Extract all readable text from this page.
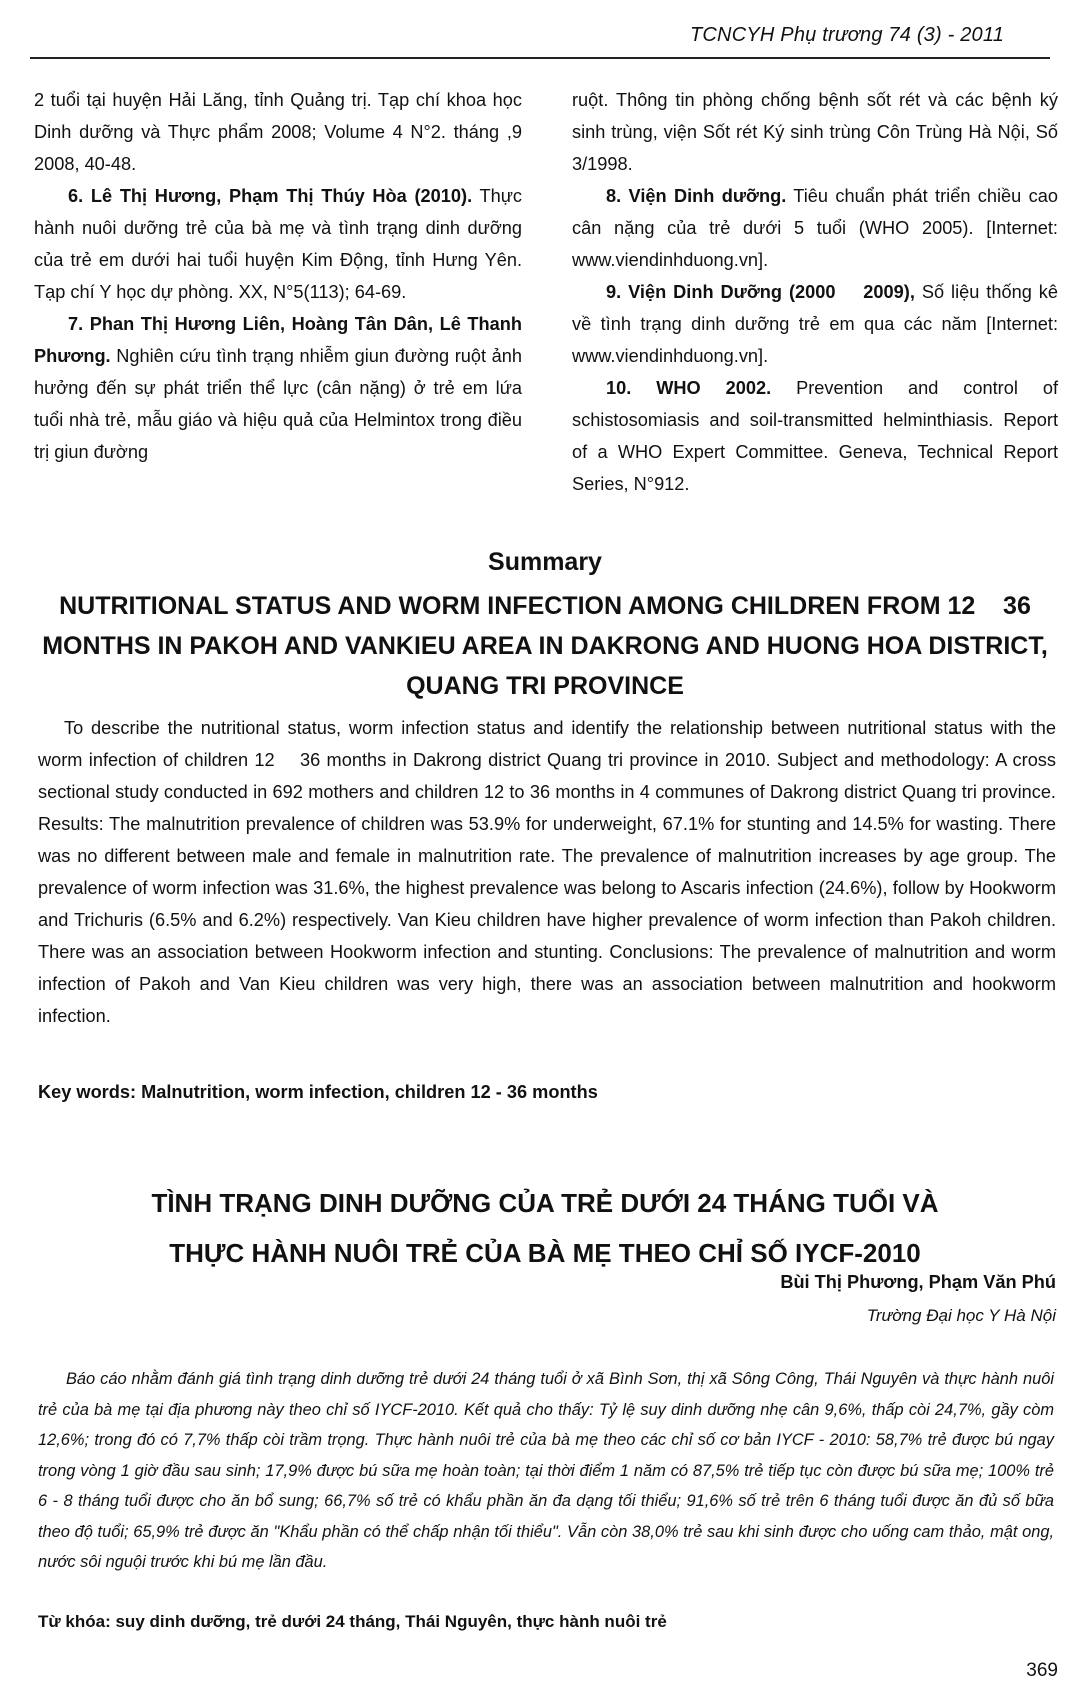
TCNCYH Phụ trương 74 (3) - 2011

2 tuổi tại huyện Hải Lăng, tỉnh Quảng trị. Tạp chí khoa học Dinh dưỡng và Thực phẩm 2008; Volume 4 N°2. tháng ,9 2008, 40-48.

6. Lê Thị Hương, Phạm Thị Thúy Hòa (2010). Thực hành nuôi dưỡng trẻ của bà mẹ và tình trạng dinh dưỡng của trẻ em dưới hai tuổi huyện Kim Động, tỉnh Hưng Yên. Tạp chí Y học dự phòng. XX, N°5(113); 64-69.

7. Phan Thị Hương Liên, Hoàng Tân Dân, Lê Thanh Phương. Nghiên cứu tình trạng nhiễm giun đường ruột ảnh hưởng đến sự phát triển thể lực (cân nặng) ở trẻ em lứa tuổi nhà trẻ, mẫu giáo và hiệu quả của Helmintox trong điều trị giun đường

ruột. Thông tin phòng chống bệnh sốt rét và các bệnh ký sinh trùng, viện Sốt rét Ký sinh trùng Côn Trùng Hà Nội, Số 3/1998.

8. Viện Dinh dưỡng. Tiêu chuẩn phát triển chiều cao cân nặng của trẻ dưới 5 tuổi (WHO 2005). [Internet: www.viendinhduong.vn].

9. Viện Dinh Dưỡng (2000    2009), Số liệu thống kê về tình trạng dinh dưỡng trẻ em qua các năm [Internet: www.viendinhduong.vn].

10. WHO 2002. Prevention and control of schistosomiasis and soil-transmitted helminthiasis. Report of a WHO Expert Committee. Geneva, Technical Report Series, N°912.

Summary
NUTRITIONAL STATUS AND WORM INFECTION AMONG CHILDREN FROM 12    36 MONTHS IN PAKOH AND VANKIEU AREA IN DAKRONG AND HUONG HOA DISTRICT, QUANG TRI PROVINCE

To describe the nutritional status, worm infection status and identify the relationship between nutritional status with the worm infection of children 12    36 months in Dakrong district Quang tri province in 2010. Subject and methodology: A cross sectional study conducted in 692 mothers and children 12 to 36 months in 4 communes of Dakrong district Quang tri province. Results: The malnutrition prevalence of children was 53.9% for underweight, 67.1% for stunting and 14.5% for wasting. There was no different between male and female in malnutrition rate. The prevalence of malnutrition increases by age group. The prevalence of worm infection was 31.6%, the highest prevalence was belong to Ascaris infection (24.6%), follow by Hookworm and Trichuris (6.5% and 6.2%) respectively. Van Kieu children have higher prevalence of worm infection than Pakoh children. There was an association between Hookworm infection and stunting. Conclusions: The prevalence of malnutrition and worm infection of Pakoh and Van Kieu children was very high, there was an association between malnutrition and hookworm infection.

Key words: Malnutrition, worm infection, children 12 - 36 months
TÌNH TRẠNG DINH DƯỠNG CỦA TRẺ DƯỚI 24 THÁNG TUỔI VÀ
THỰC HÀNH NUÔI TRẺ CỦA BÀ MẸ THEO CHỈ SỐ IYCF-2010
Bùi Thị Phương, Phạm Văn Phú
Trường Đại học Y Hà Nội

Báo cáo nhằm đánh giá tình trạng dinh dưỡng trẻ dưới 24 tháng tuổi ở xã Bình Sơn, thị xã Sông Công, Thái Nguyên và thực hành nuôi trẻ của bà mẹ tại địa phương này theo chỉ số IYCF-2010. Kết quả cho thấy: Tỷ lệ suy dinh dưỡng nhẹ cân 9,6%, thấp còi 24,7%, gầy còm 12,6%; trong đó có 7,7% thấp còi trầm trọng. Thực hành nuôi trẻ của bà mẹ theo các chỉ số cơ bản IYCF - 2010: 58,7% trẻ được bú ngay trong vòng 1 giờ đầu sau sinh; 17,9% được bú sữa mẹ hoàn toàn; tại thời điểm 1 năm có 87,5% trẻ tiếp tục còn được bú sữa mẹ; 100% trẻ 6 - 8 tháng tuổi được cho ăn bổ sung; 66,7% số trẻ có khẩu phần ăn đa dạng tối thiểu; 91,6% số trẻ trên 6 tháng tuổi được ăn đủ số bữa theo độ tuổi; 65,9% trẻ được ăn "Khẩu phần có thể chấp nhận tối thiểu". Vẫn còn 38,0% trẻ sau khi sinh được cho uống cam thảo, mật ong, nước sôi nguội trước khi bú mẹ lần đầu.

Từ khóa: suy dinh dưỡng, trẻ dưới 24 tháng, Thái Nguyên, thực hành nuôi trẻ
369
